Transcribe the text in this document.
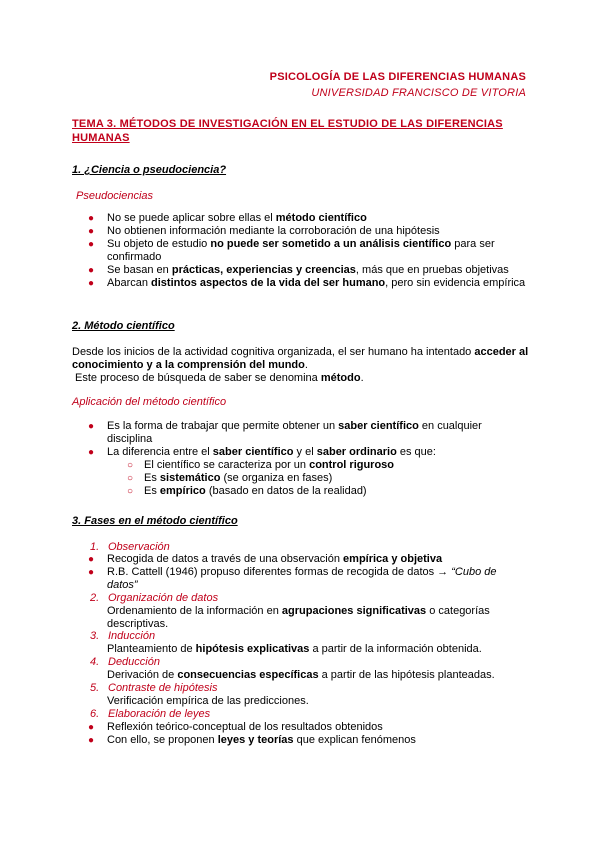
PSICOLOGÍA DE LAS DIFERENCIAS HUMANAS
UNIVERSIDAD FRANCISCO DE VITORIA
TEMA 3. MÉTODOS DE INVESTIGACIÓN EN EL ESTUDIO DE LAS DIFERENCIAS HUMANAS
1. ¿Ciencia o pseudociencia?
Pseudociencias
● No se puede aplicar sobre ellas el método científico
● No obtienen información mediante la corroboración de una hipótesis
● Su objeto de estudio no puede ser sometido a un análisis científico para ser confirmado
● Se basan en prácticas, experiencias y creencias, más que en pruebas objetivas
● Abarcan distintos aspectos de la vida del ser humano, pero sin evidencia empírica
2. Método científico
Desde los inicios de la actividad cognitiva organizada, el ser humano ha intentado acceder al conocimiento y a la comprensión del mundo.
Este proceso de búsqueda de saber se denomina método.
Aplicación del método científico
● Es la forma de trabajar que permite obtener un saber científico en cualquier disciplina
● La diferencia entre el saber científico y el saber ordinario es que:
○ El científico se caracteriza por un control riguroso
○ Es sistemático (se organiza en fases)
○ Es empírico (basado en datos de la realidad)
3. Fases en el método científico
1. Observación
● Recogida de datos a través de una observación empírica y objetiva
● R.B. Cattell (1946) propuso diferentes formas de recogida de datos → “Cubo de datos”
2. Organización de datos
Ordenamiento de la información en agrupaciones significativas o categorías descriptivas.
3. Inducción
Planteamiento de hipótesis explicativas a partir de la información obtenida.
4. Deducción
Derivación de consecuencias específicas a partir de las hipótesis planteadas.
5. Contraste de hipótesis
Verificación empírica de las predicciones.
6. Elaboración de leyes
● Reflexión teórico-conceptual de los resultados obtenidos
● Con ello, se proponen leyes y teorías que explican fenómenos
